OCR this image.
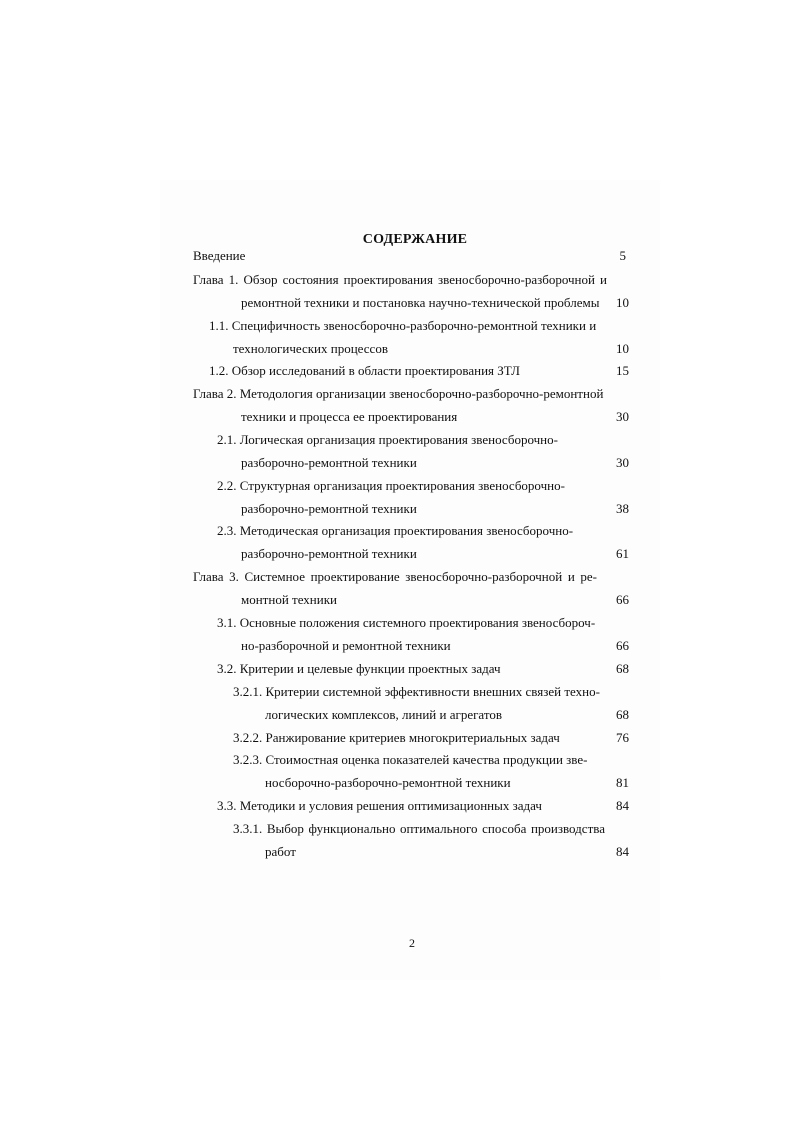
СОДЕРЖАНИЕ
Введение	5
Глава 1. Обзор состояния проектирования звеносборочно-разборочной и
ремонтной техники и постановка научно-технической проблемы	10
1.1. Специфичность звеносборочно-разборочно-ремонтной техники и
технологических процессов	10
1.2. Обзор исследований в области проектирования ЗТЛ	15
Глава 2. Методология организации звеносборочно-разборочно-ремонтной
техники и процесса ее проектирования	30
2.1. Логическая организация проектирования звеносборочно-
разборочно-ремонтной техники	30
2.2. Структурная организация проектирования звеносборочно-
разборочно-ремонтной техники	38
2.3. Методическая организация проектирования звеносборочно-
разборочно-ремонтной техники	61
Глава 3. Системное проектирование звеносборочно-разборочной и ре-
монтной техники	66
3.1. Основные положения системного проектирования звеносбороч-
но-разборочной и ремонтной техники	66
3.2. Критерии и целевые функции проектных задач	68
3.2.1. Критерии системной эффективности внешних связей техно-
логических комплексов, линий и агрегатов	68
3.2.2. Ранжирование критериев многокритериальных задач	76
3.2.3. Стоимостная оценка показателей качества продукции зве-
носборочно-разборочно-ремонтной техники	81
3.3. Методики и условия решения оптимизационных задач	84
3.3.1. Выбор функционально оптимального способа производства
работ	84
2
